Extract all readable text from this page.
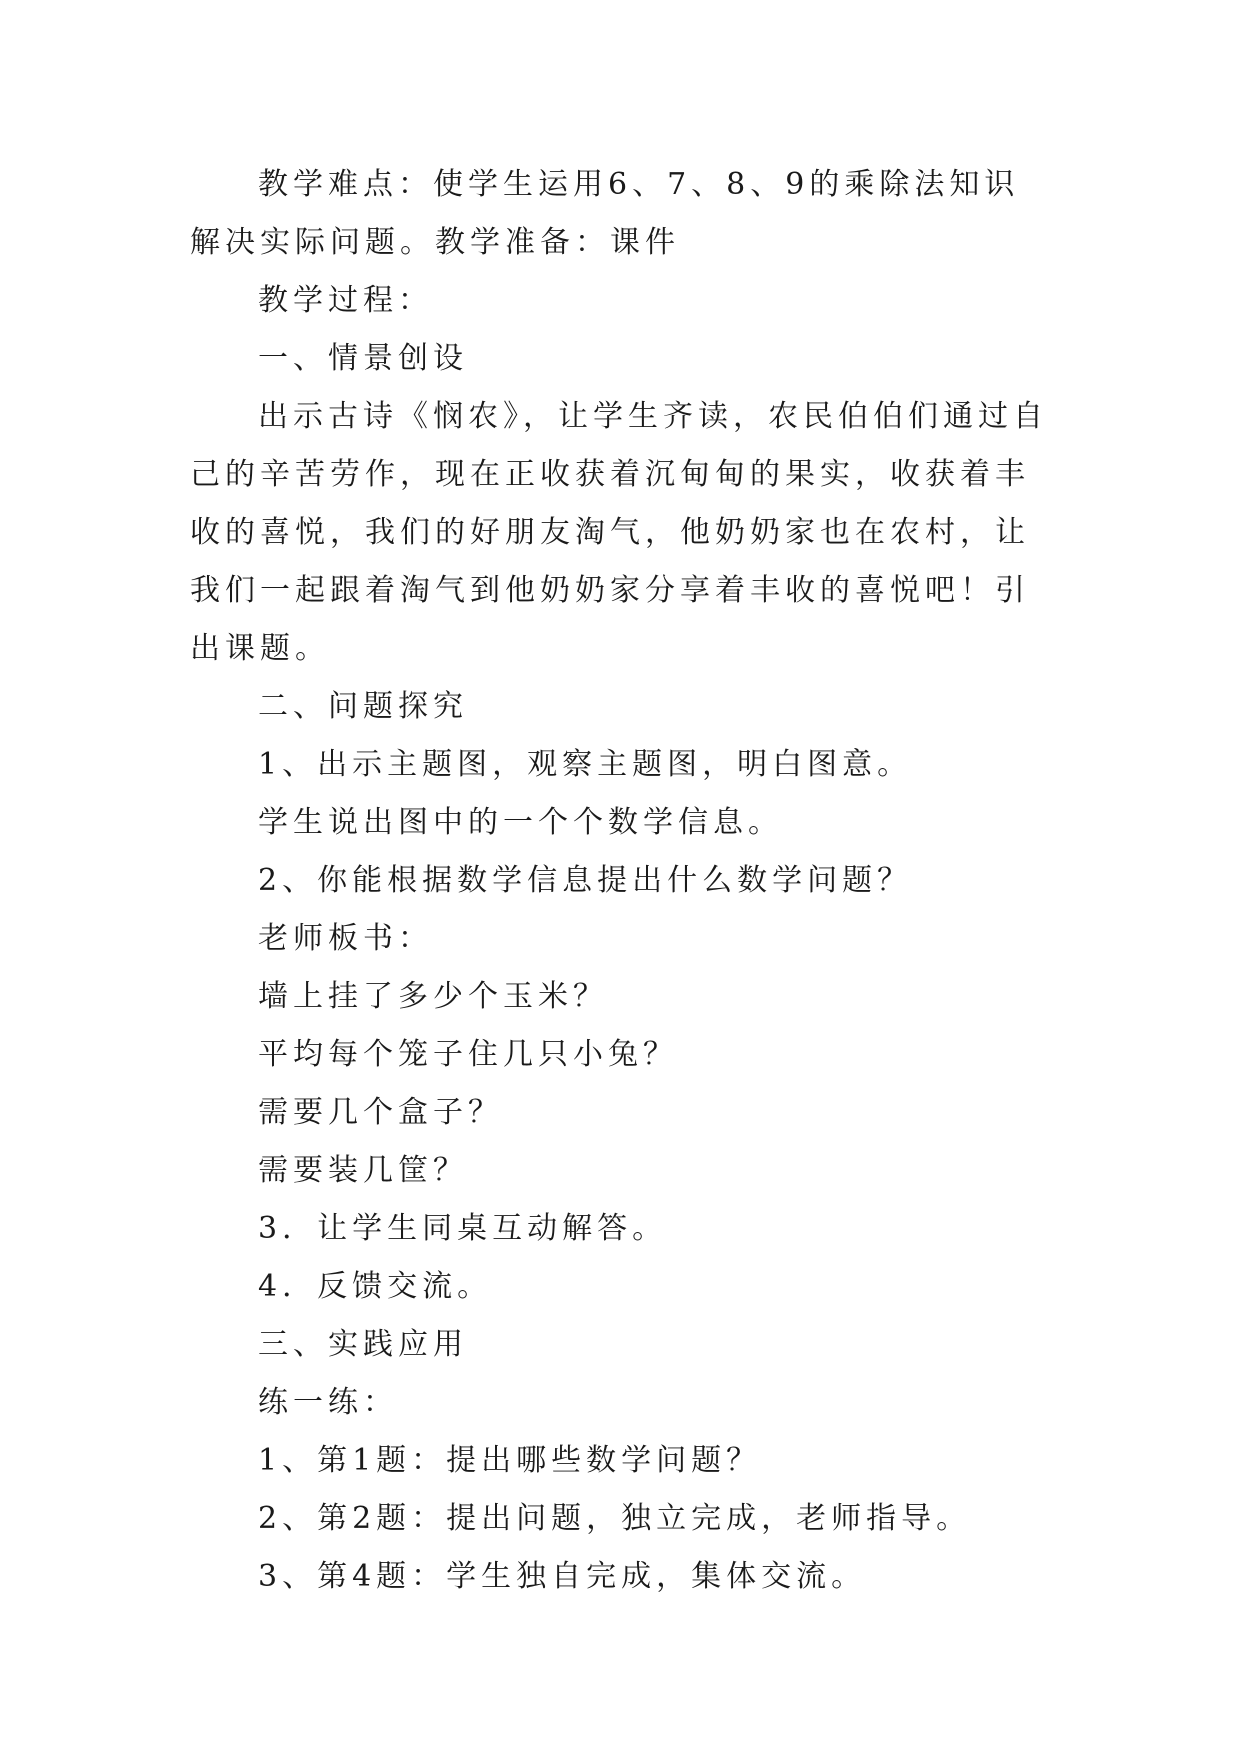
教学难点：使学生运用6、7、8、9的乘除法知识解决实际问题。教学准备：课件

教学过程：

一、情景创设

出示古诗《悯农》，让学生齐读，农民伯伯们通过自己的辛苦劳作，现在正收获着沉甸甸的果实，收获着丰收的喜悦，我们的好朋友淘气，他奶奶家也在农村，让我们一起跟着淘气到他奶奶家分享着丰收的喜悦吧！引出课题。

二、问题探究

1、出示主题图，观察主题图，明白图意。

学生说出图中的一个个数学信息。

2、你能根据数学信息提出什么数学问题？

老师板书：

墙上挂了多少个玉米？

平均每个笼子住几只小兔？

需要几个盒子？

需要装几筐？

3．让学生同桌互动解答。

4．反馈交流。

三、实践应用

练一练：

1、第1题：提出哪些数学问题？

2、第2题：提出问题，独立完成，老师指导。

3、第4题：学生独自完成，集体交流。
